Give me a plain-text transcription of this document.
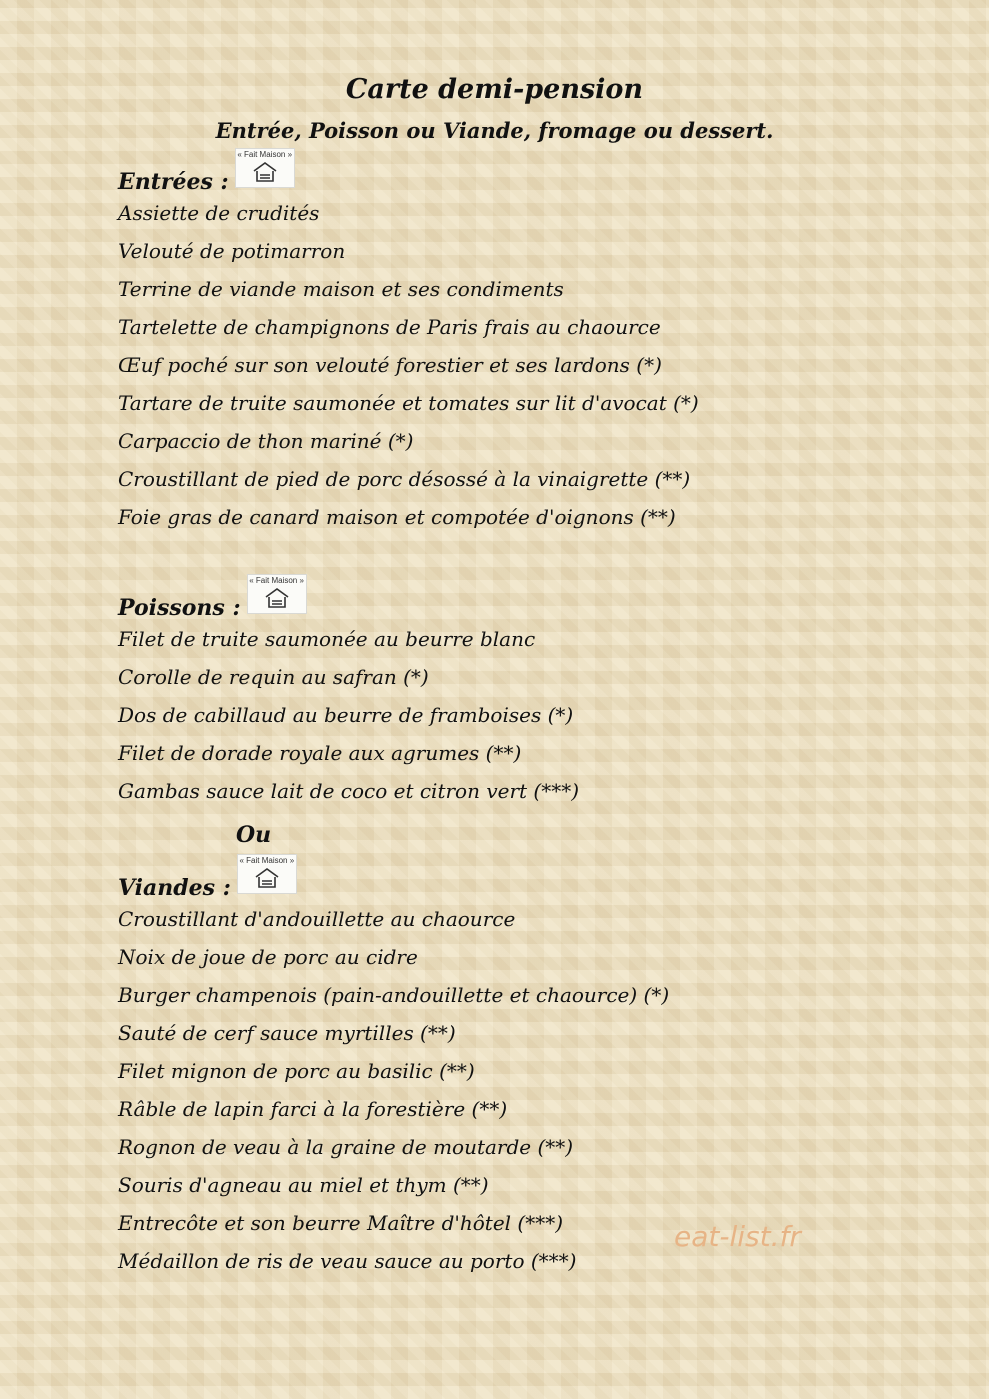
Carte demi-pension
Entrée, Poisson ou Viande, fromage ou dessert.
Entrées :
« Fait Maison »
Assiette de crudités
Velouté de potimarron
Terrine de viande maison et ses condiments
Tartelette de champignons de Paris frais au chaource
Œuf poché sur son velouté forestier et ses lardons (*)
Tartare de truite saumonée et tomates sur lit d'avocat (*)
Carpaccio de thon mariné (*)
Croustillant de pied de porc désossé à la vinaigrette (**)
Foie gras de canard maison et compotée d'oignons (**)
Poissons :
« Fait Maison »
Filet de truite saumonée au beurre blanc
Corolle de requin au safran (*)
Dos de cabillaud au beurre de framboises (*)
Filet de dorade royale aux agrumes (**)
Gambas sauce lait de coco et citron vert (***)
Ou
Viandes :
« Fait Maison »
Croustillant d'andouillette au chaource
Noix de joue de porc au cidre
Burger champenois (pain-andouillette et chaource) (*)
Sauté de cerf sauce myrtilles (**)
Filet mignon de porc au basilic (**)
Râble de lapin farci à la forestière (**)
Rognon de veau à la graine de moutarde (**)
Souris d'agneau au miel et thym (**)
Entrecôte et son beurre Maître d'hôtel (***)
Médaillon de ris de veau sauce au porto (***)
eat-list.fr
